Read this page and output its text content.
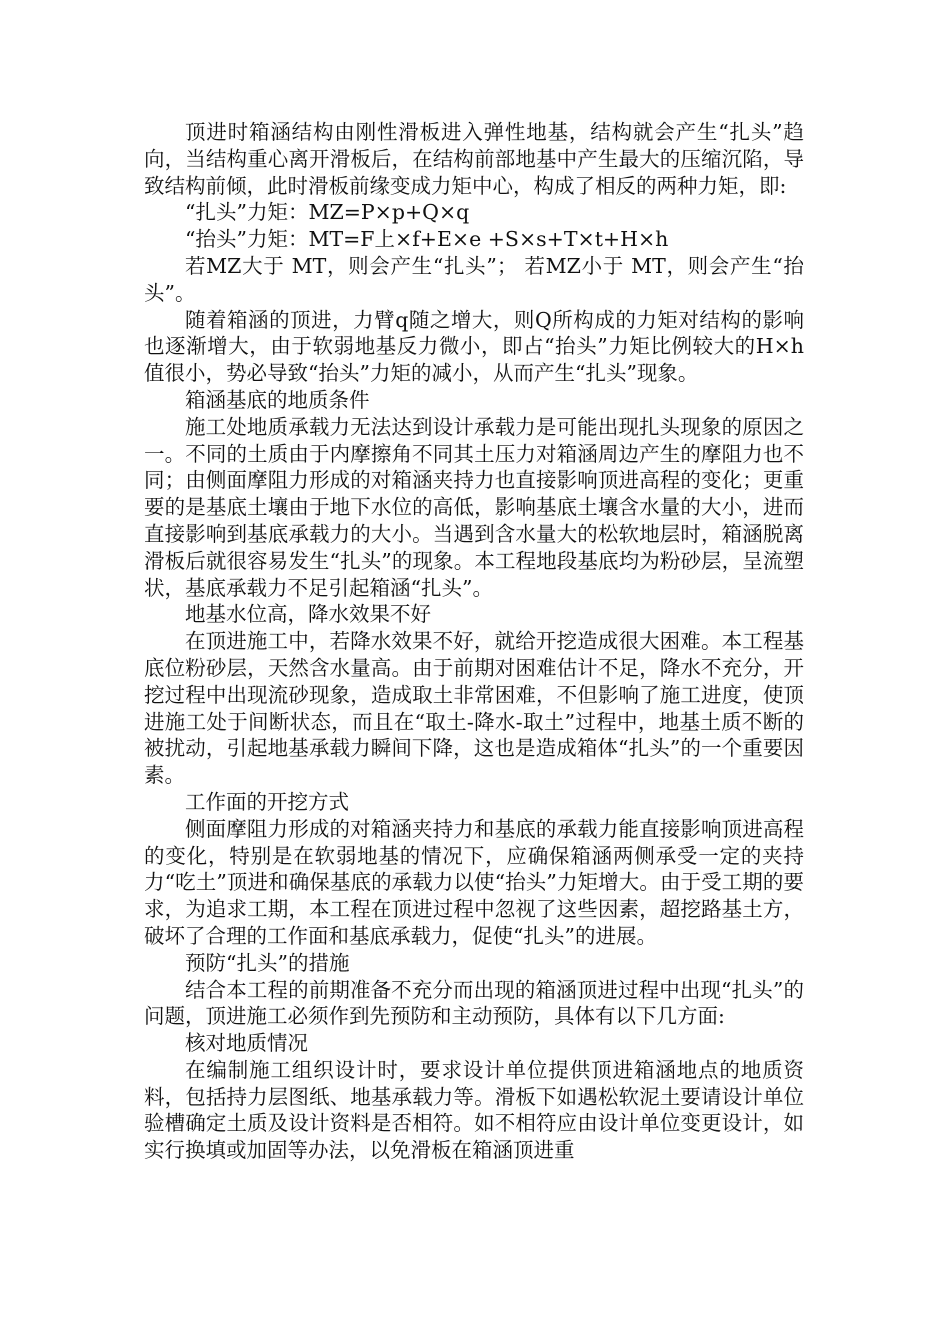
顶进时箱涵结构由刚性滑板进入弹性地基，结构就会产生“扎头”趋向，当结构重心离开滑板后，在结构前部地基中产生最大的压缩沉陷，导致结构前倾，此时滑板前缘变成力矩中心，构成了相反的两种力矩，即:

“扎头”力矩：MZ=P×p+Q×q

“抬头”力矩：MT=F上×f+E×e +S×s+T×t+H×h

若MZ大于 MT，则会产生“扎头”； 若MZ小于 MT，则会产生“抬头”。

随着箱涵的顶进，力臂q随之增大，则Q所构成的力矩对结构的影响也逐渐增大，由于软弱地基反力微小，即占“抬头”力矩比例较大的H×h值很小，势必导致“抬头”力矩的减小，从而产生“扎头”现象。

箱涵基底的地质条件

施工处地质承载力无法达到设计承载力是可能出现扎头现象的原因之一。不同的土质由于内摩擦角不同其土压力对箱涵周边产生的摩阻力也不同；由侧面摩阻力形成的对箱涵夹持力也直接影响顶进高程的变化；更重要的是基底土壤由于地下水位的高低，影响基底土壤含水量的大小，进而直接影响到基底承载力的大小。当遇到含水量大的松软地层时，箱涵脱离滑板后就很容易发生“扎头”的现象。本工程地段基底均为粉砂层，呈流塑状，基底承载力不足引起箱涵“扎头”。

地基水位高，降水效果不好

在顶进施工中，若降水效果不好，就给开挖造成很大困难。本工程基底位粉砂层，天然含水量高。由于前期对困难估计不足，降水不充分，开挖过程中出现流砂现象，造成取土非常困难，不但影响了施工进度，使顶进施工处于间断状态，而且在“取土-降水-取土”过程中，地基土质不断的被扰动，引起地基承载力瞬间下降，这也是造成箱体“扎头”的一个重要因素。

工作面的开挖方式

侧面摩阻力形成的对箱涵夹持力和基底的承载力能直接影响顶进高程的变化，特别是在软弱地基的情况下，应确保箱涵两侧承受一定的夹持力“吃土”顶进和确保基底的承载力以使“抬头”力矩增大。由于受工期的要求，为追求工期，本工程在顶进过程中忽视了这些因素，超挖路基土方，破坏了合理的工作面和基底承载力，促使“扎头”的进展。

预防“扎头”的措施

结合本工程的前期准备不充分而出现的箱涵顶进过程中出现“扎头”的问题，顶进施工必须作到先预防和主动预防，具体有以下几方面:

核对地质情况

在编制施工组织设计时，要求设计单位提供顶进箱涵地点的地质资料，包括持力层图纸、地基承载力等。滑板下如遇松软泥土要请设计单位验槽确定土质及设计资料是否相符。如不相符应由设计单位变更设计，如实行换填或加固等办法，以免滑板在箱涵顶进重
